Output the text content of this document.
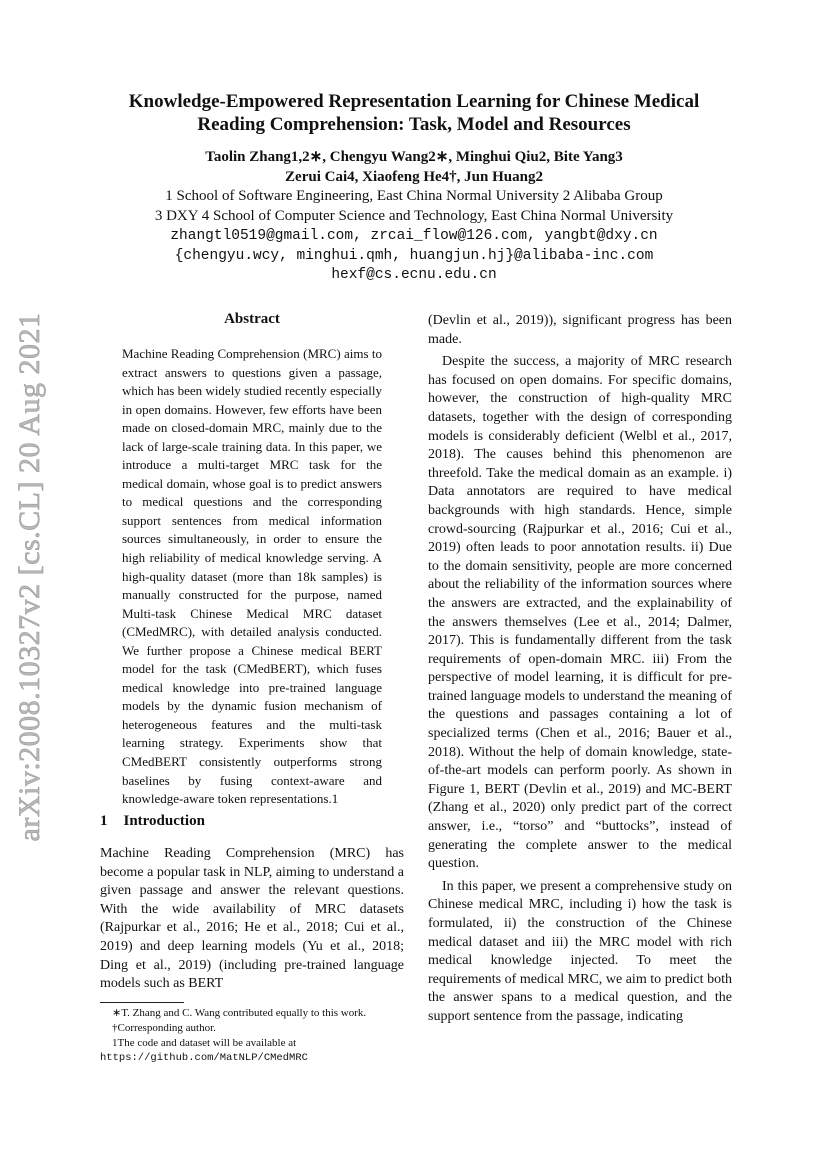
arXiv:2008.10327v2 [cs.CL] 20 Aug 2021
Knowledge-Empowered Representation Learning for Chinese Medical
Reading Comprehension: Task, Model and Resources
Taolin Zhang1,2∗, Chengyu Wang2∗, Minghui Qiu2, Bite Yang3
Zerui Cai4, Xiaofeng He4†, Jun Huang2
1 School of Software Engineering, East China Normal University 2 Alibaba Group
3 DXY 4 School of Computer Science and Technology, East China Normal University
zhangtl0519@gmail.com, zrcai_flow@126.com, yangbt@dxy.cn
{chengyu.wcy, minghui.qmh, huangjun.hj}@alibaba-inc.com
hexf@cs.ecnu.edu.cn
Abstract

Machine Reading Comprehension (MRC) aims to extract answers to questions given a passage, which has been widely studied recently especially in open domains. However, few efforts have been made on closed-domain MRC, mainly due to the lack of large-scale training data. In this paper, we introduce a multi-target MRC task for the medical domain, whose goal is to predict answers to medical questions and the corresponding support sentences from medical information sources simultaneously, in order to ensure the high reliability of medical knowledge serving. A high-quality dataset (more than 18k samples) is manually constructed for the purpose, named Multi-task Chinese Medical MRC dataset (CMedMRC), with detailed analysis conducted. We further propose a Chinese medical BERT model for the task (CMedBERT), which fuses medical knowledge into pre-trained language models by the dynamic fusion mechanism of heterogeneous features and the multi-task learning strategy. Experiments show that CMedBERT consistently outperforms strong baselines by fusing context-aware and knowledge-aware token representations.1

1 Introduction

Machine Reading Comprehension (MRC) has become a popular task in NLP, aiming to understand a given passage and answer the relevant questions. With the wide availability of MRC datasets (Rajpurkar et al., 2016; He et al., 2018; Cui et al., 2019) and deep learning models (Yu et al., 2018; Ding et al., 2019) (including pre-trained language models such as BERT

∗T. Zhang and C. Wang contributed equally to this work.

†Corresponding author.

1The code and dataset will be available at

https://github.com/MatNLP/CMedMRC

(Devlin et al., 2019)), significant progress has been made.

Despite the success, a majority of MRC research has focused on open domains. For specific domains, however, the construction of high-quality MRC datasets, together with the design of corresponding models is considerably deficient (Welbl et al., 2017, 2018). The causes behind this phenomenon are threefold. Take the medical domain as an example. i) Data annotators are required to have medical backgrounds with high standards. Hence, simple crowd-sourcing (Rajpurkar et al., 2016; Cui et al., 2019) often leads to poor annotation results. ii) Due to the domain sensitivity, people are more concerned about the reliability of the information sources where the answers are extracted, and the explainability of the answers themselves (Lee et al., 2014; Dalmer, 2017). This is fundamentally different from the task requirements of open-domain MRC. iii) From the perspective of model learning, it is difficult for pre-trained language models to understand the meaning of the questions and passages containing a lot of specialized terms (Chen et al., 2016; Bauer et al., 2018). Without the help of domain knowledge, state-of-the-art models can perform poorly. As shown in Figure 1, BERT (Devlin et al., 2019) and MC-BERT (Zhang et al., 2020) only predict part of the correct answer, i.e., “torso” and “buttocks”, instead of generating the complete answer to the medical question.

In this paper, we present a comprehensive study on Chinese medical MRC, including i) how the task is formulated, ii) the construction of the Chinese medical dataset and iii) the MRC model with rich medical knowledge injected. To meet the requirements of medical MRC, we aim to predict both the answer spans to a medical question, and the support sentence from the passage, indicating
